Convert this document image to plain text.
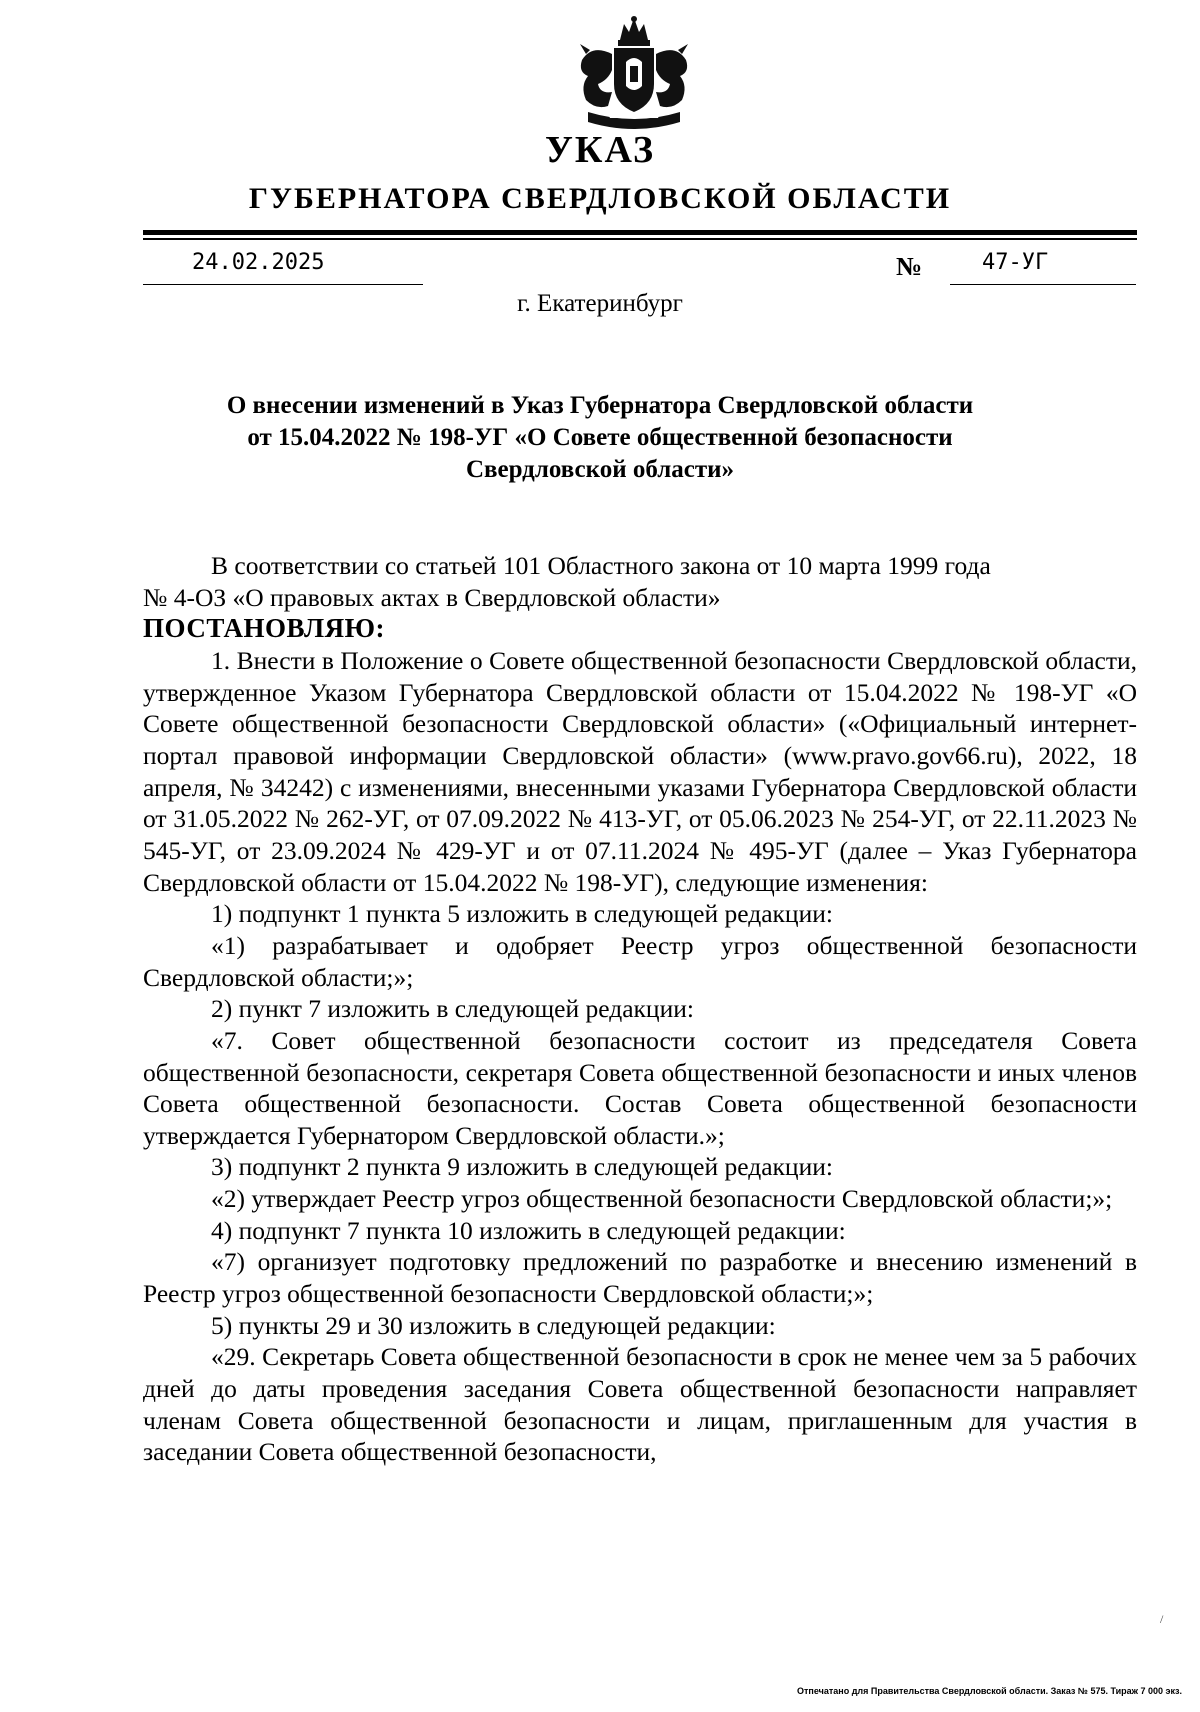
УКАЗ
ГУБЕРНАТОРА СВЕРДЛОВСКОЙ ОБЛАСТИ
24.02.2025	№	47-УГ
г. Екатеринбург
О внесении изменений в Указ Губернатора Свердловской области
от 15.04.2022 № 198-УГ «О Совете общественной безопасности
Свердловской области»

В соответствии со статьей 101 Областного закона от 10 марта 1999 года

№ 4-ОЗ «О правовых актах в Свердловской области»

ПОСТАНОВЛЯЮ:

1. Внести в Положение о Совете общественной безопасности Свердловской области, утвержденное Указом Губернатора Свердловской области от 15.04.2022 № 198-УГ «О Совете общественной безопасности Свердловской области» («Официальный интернет-портал правовой информации Свердловской области» (www.pravo.gov66.ru), 2022, 18 апреля, № 34242) с изменениями, внесенными указами Губернатора Свердловской области от 31.05.2022 № 262-УГ, от 07.09.2022 № 413-УГ, от 05.06.2023 № 254-УГ, от 22.11.2023 № 545-УГ, от 23.09.2024 № 429-УГ и от 07.11.2024 № 495-УГ (далее – Указ Губернатора Свердловской области от 15.04.2022 № 198-УГ), следующие изменения:

1) подпункт 1 пункта 5 изложить в следующей редакции:

«1) разрабатывает и одобряет Реестр угроз общественной безопасности Свердловской области;»;

2) пункт 7 изложить в следующей редакции:

«7. Совет общественной безопасности состоит из председателя Совета общественной безопасности, секретаря Совета общественной безопасности и иных членов Совета общественной безопасности. Состав Совета общественной безопасности утверждается Губернатором Свердловской области.»;

3) подпункт 2 пункта 9 изложить в следующей редакции:

«2) утверждает Реестр угроз общественной безопасности Свердловской области;»;

4) подпункт 7 пункта 10 изложить в следующей редакции:

«7) организует подготовку предложений по разработке и внесению изменений в Реестр угроз общественной безопасности Свердловской области;»;

5) пункты 29 и 30 изложить в следующей редакции:

«29. Секретарь Совета общественной безопасности в срок не менее чем за 5 рабочих дней до даты проведения заседания Совета общественной безопасности направляет членам Совета общественной безопасности и лицам, приглашенным для участия в заседании Совета общественной безопасности,

/
Отпечатано для Правительства Свердловской области. Заказ № 575. Тираж 7 000 экз.
